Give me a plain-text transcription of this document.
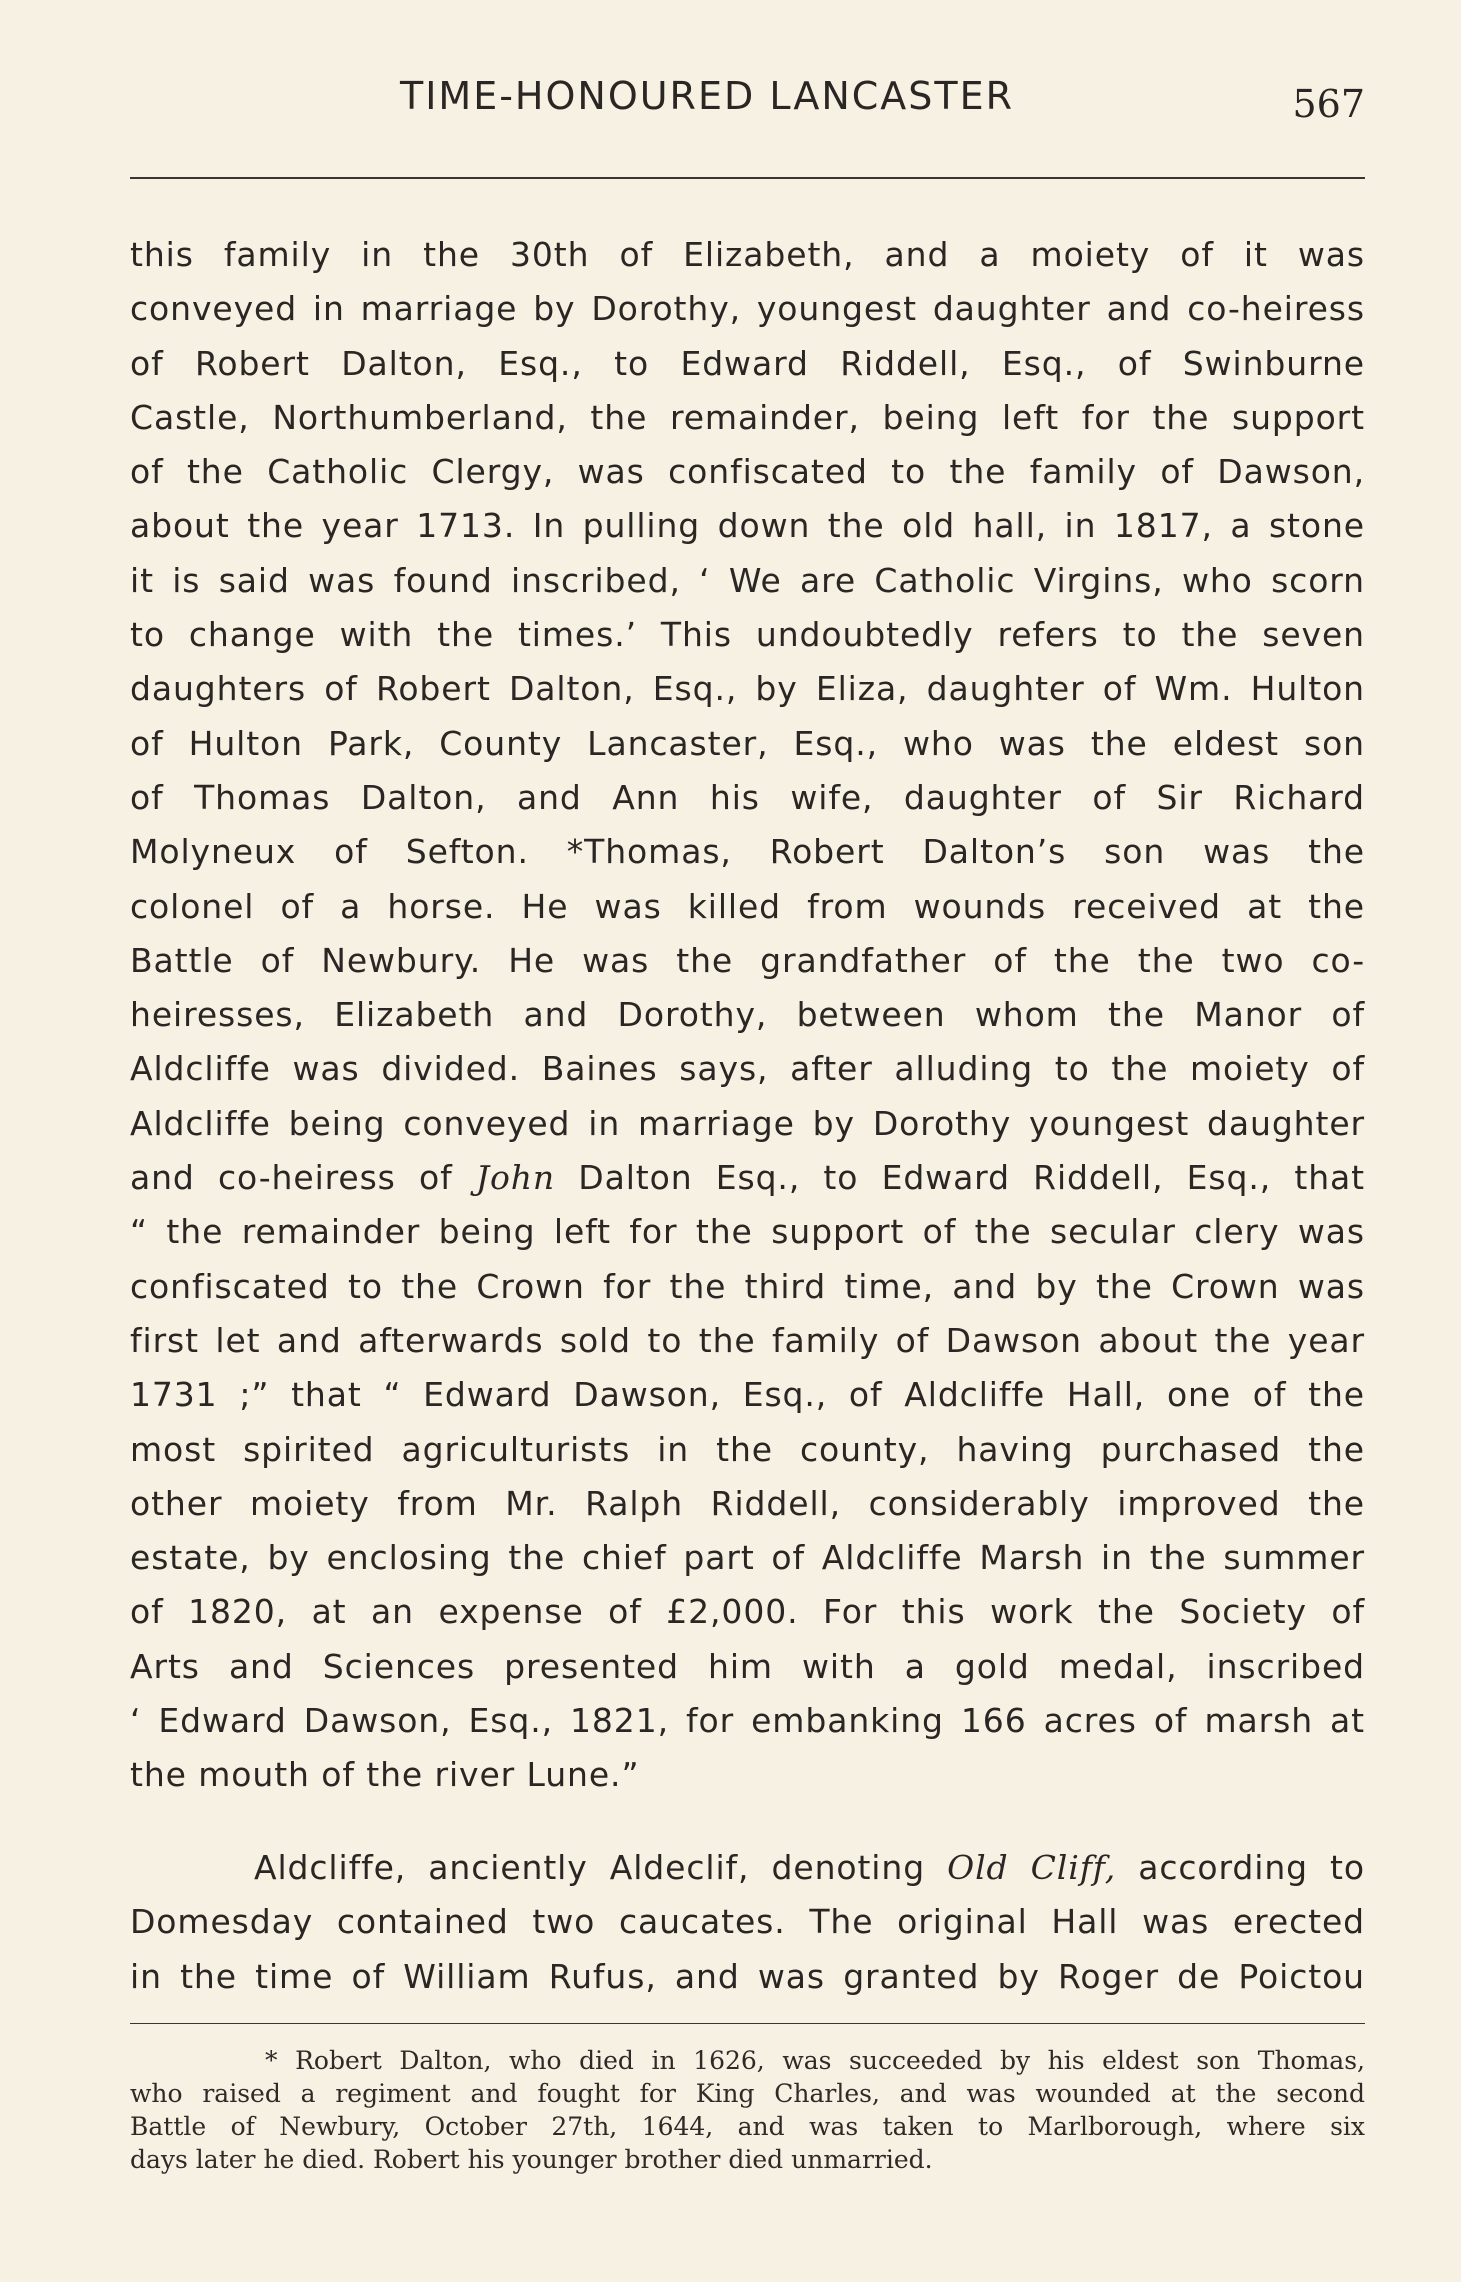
TIME-HONOURED LANCASTER	567
this family in the 30th of Elizabeth, and a moiety of it was
conveyed in marriage by Dorothy, youngest daughter and co-heiress
of Robert Dalton, Esq., to Edward Riddell, Esq., of Swinburne
Castle, Northumberland, the remainder, being left for the support
of the Catholic Clergy, was confiscated to the family of Dawson,
about the year 1713. In pulling down the old hall, in 1817, a stone
it is said was found inscribed, ‘ We are Catholic Virgins, who scorn
to change with the times.’ This undoubtedly refers to the seven
daughters of Robert Dalton, Esq., by Eliza, daughter of Wm. Hulton
of Hulton Park, County Lancaster, Esq., who was the eldest son
of Thomas Dalton, and Ann his wife, daughter of Sir Richard
Molyneux of Sefton. *Thomas, Robert Dalton’s son was the
colonel of a horse. He was killed from wounds received at the
Battle of Newbury. He was the grandfather of the the two co-
heiresses, Elizabeth and Dorothy, between whom the Manor of
Aldcliffe was divided. Baines says, after alluding to the moiety of
Aldcliffe being conveyed in marriage by Dorothy youngest daughter
and co-heiress of John Dalton Esq., to Edward Riddell, Esq., that
“ the remainder being left for the support of the secular clery was
confiscated to the Crown for the third time, and by the Crown was
first let and afterwards sold to the family of Dawson about the year
1731 ;” that “ Edward Dawson, Esq., of Aldcliffe Hall, one of the
most spirited agriculturists in the county, having purchased the
other moiety from Mr. Ralph Riddell, considerably improved the
estate, by enclosing the chief part of Aldcliffe Marsh in the summer
of 1820, at an expense of £2,000. For this work the Society of
Arts and Sciences presented him with a gold medal, inscribed
‘ Edward Dawson, Esq., 1821, for embanking 166 acres of marsh at
the mouth of the river Lune.”
Aldcliffe, anciently Aldeclif, denoting Old Cliff, according to
Domesday contained two caucates. The original Hall was erected
in the time of William Rufus, and was granted by Roger de Poictou
* Robert Dalton, who died in 1626, was succeeded by his eldest son Thomas,
who raised a regiment and fought for King Charles, and was wounded at the second
Battle of Newbury, October 27th, 1644, and was taken to Marlborough, where six
days later he died. Robert his younger brother died unmarried.
